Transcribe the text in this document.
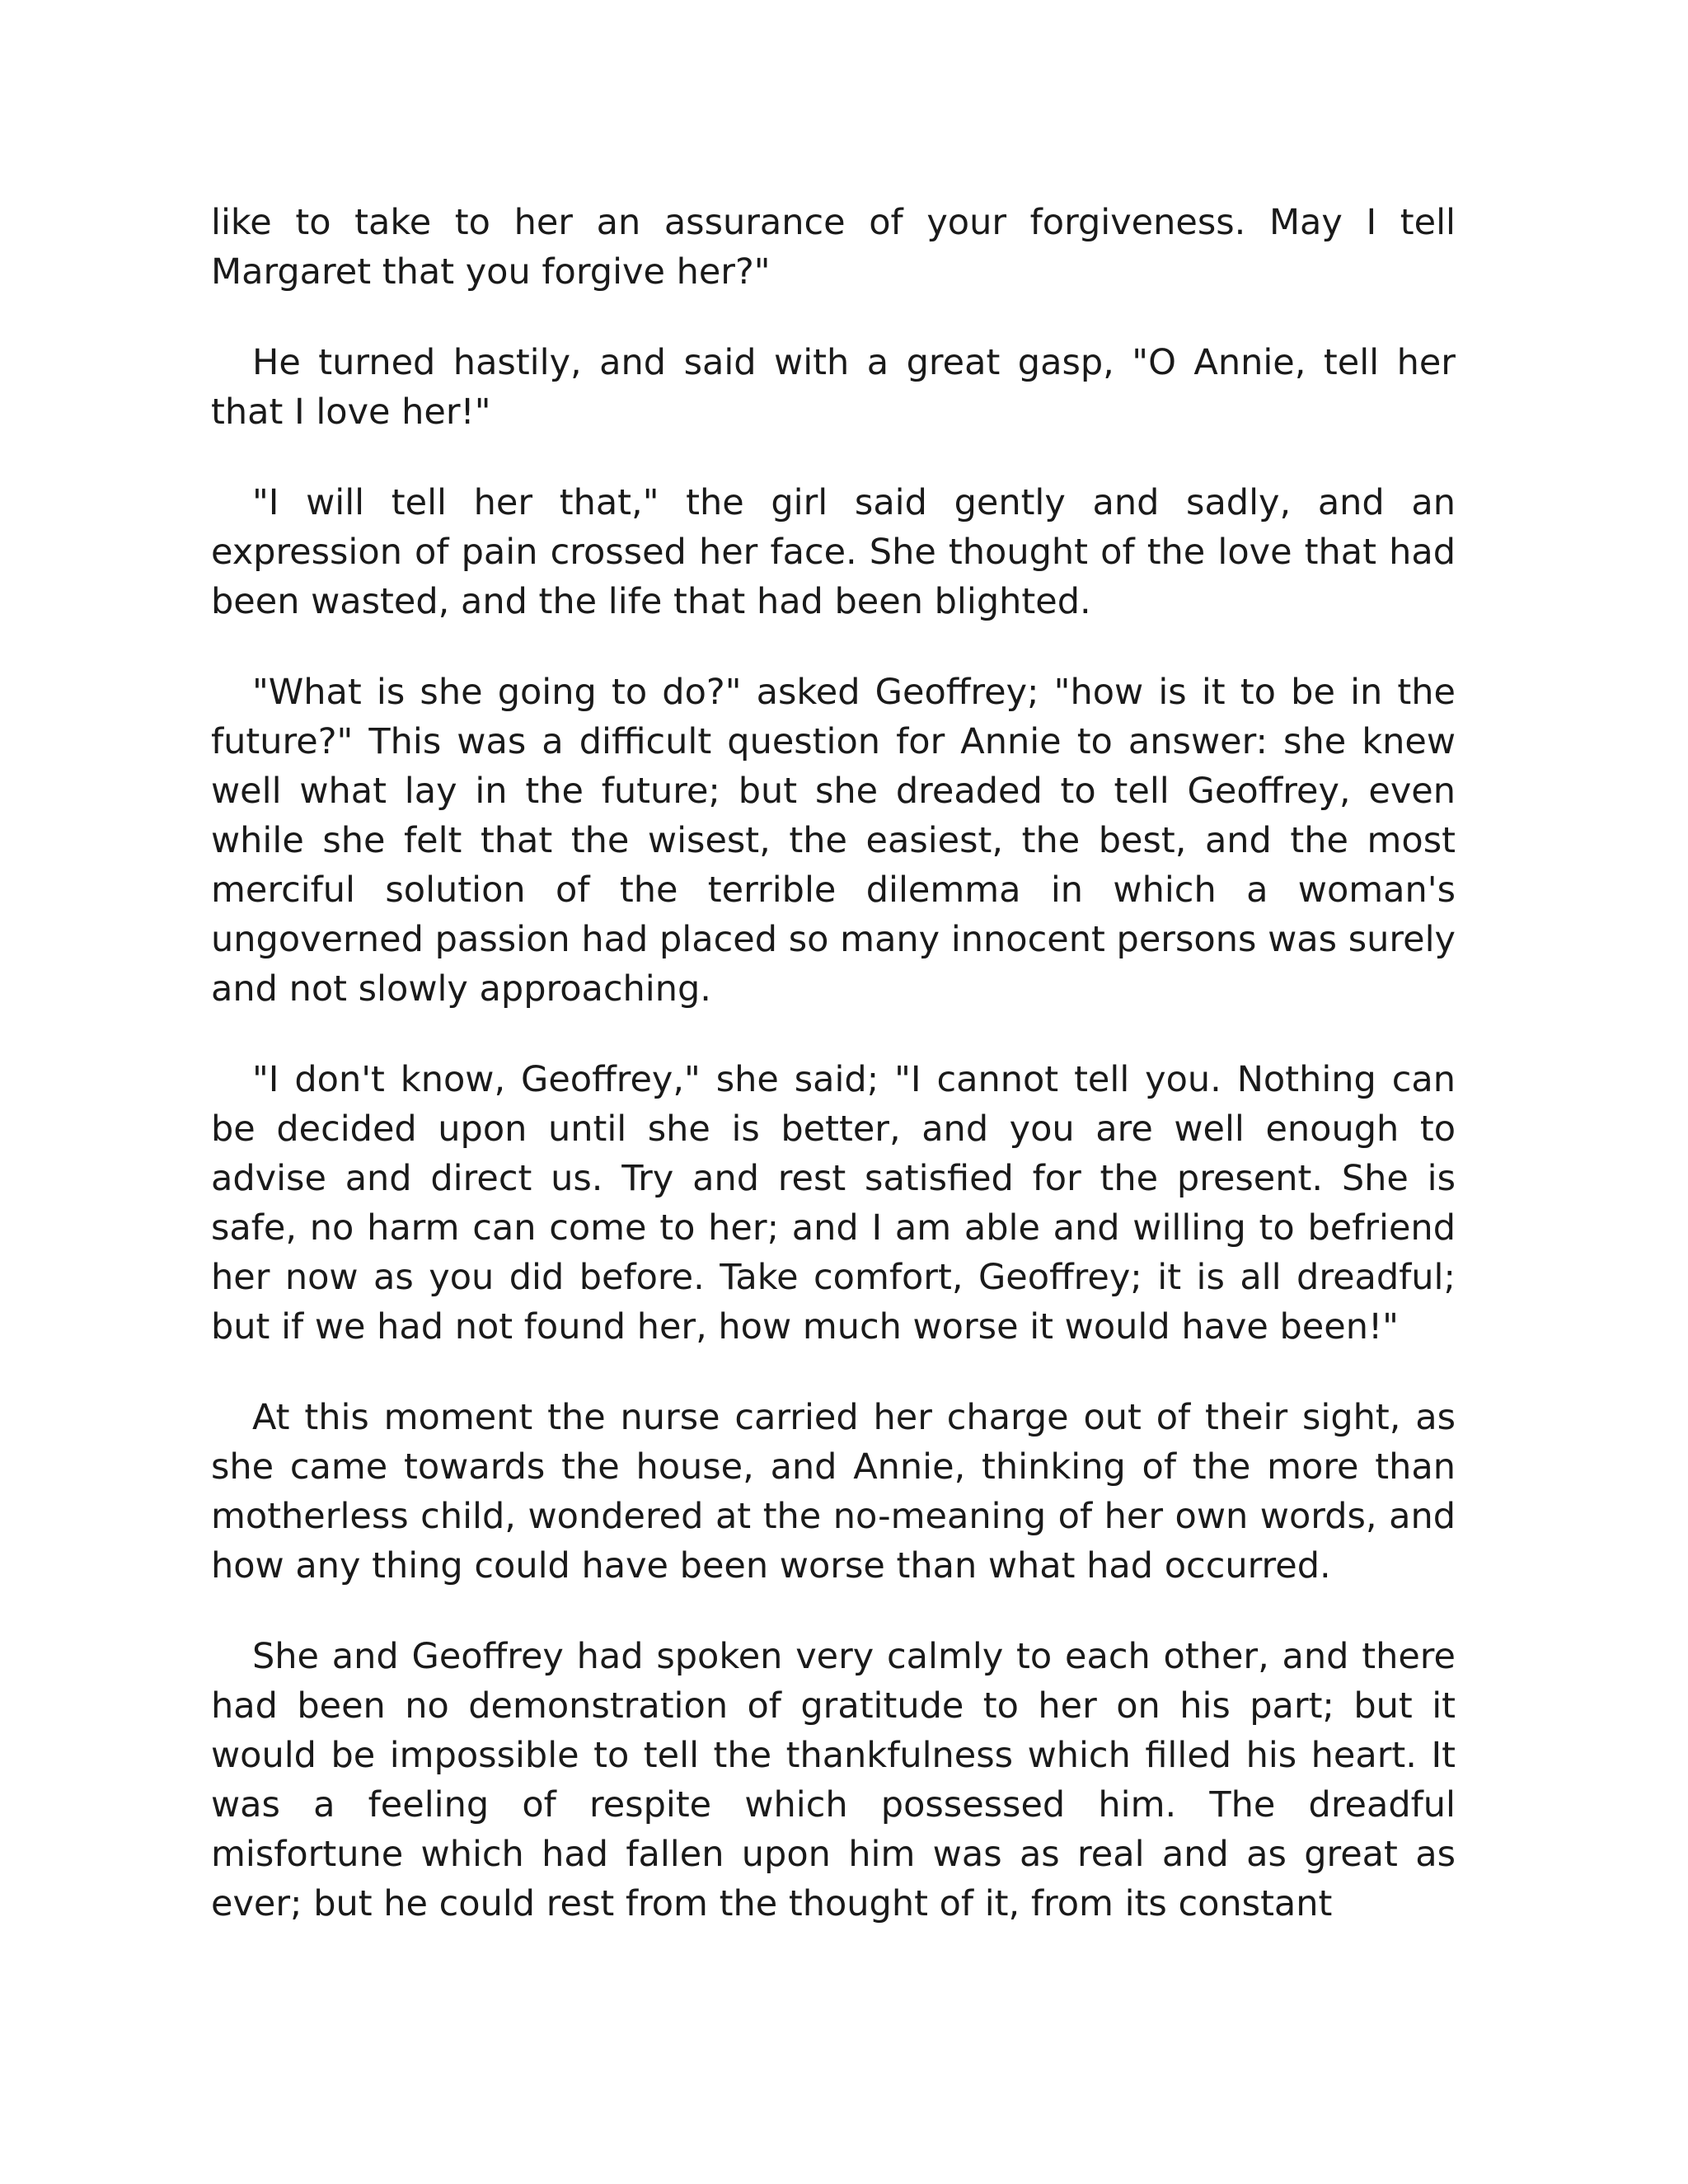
like to take to her an assurance of your forgiveness. May I tell Margaret that you forgive her?"

He turned hastily, and said with a great gasp, "O Annie, tell her that I love her!"

"I will tell her that," the girl said gently and sadly, and an expression of pain crossed her face. She thought of the love that had been wasted, and the life that had been blighted.

"What is she going to do?" asked Geoffrey; "how is it to be in the future?" This was a difficult question for Annie to answer: she knew well what lay in the future; but she dreaded to tell Geoffrey, even while she felt that the wisest, the easiest, the best, and the most merciful solution of the terrible dilemma in which a woman's ungoverned passion had placed so many innocent persons was surely and not slowly approaching.

"I don't know, Geoffrey," she said; "I cannot tell you. Nothing can be decided upon until she is better, and you are well enough to advise and direct us. Try and rest satisfied for the present. She is safe, no harm can come to her; and I am able and willing to befriend her now as you did before. Take comfort, Geoffrey; it is all dreadful; but if we had not found her, how much worse it would have been!"

At this moment the nurse carried her charge out of their sight, as she came towards the house, and Annie, thinking of the more than motherless child, wondered at the no-meaning of her own words, and how any thing could have been worse than what had occurred.

She and Geoffrey had spoken very calmly to each other, and there had been no demonstration of gratitude to her on his part; but it would be impossible to tell the thankfulness which filled his heart. It was a feeling of respite which possessed him. The dreadful misfortune which had fallen upon him was as real and as great as ever; but he could rest from the thought of it, from its constant
